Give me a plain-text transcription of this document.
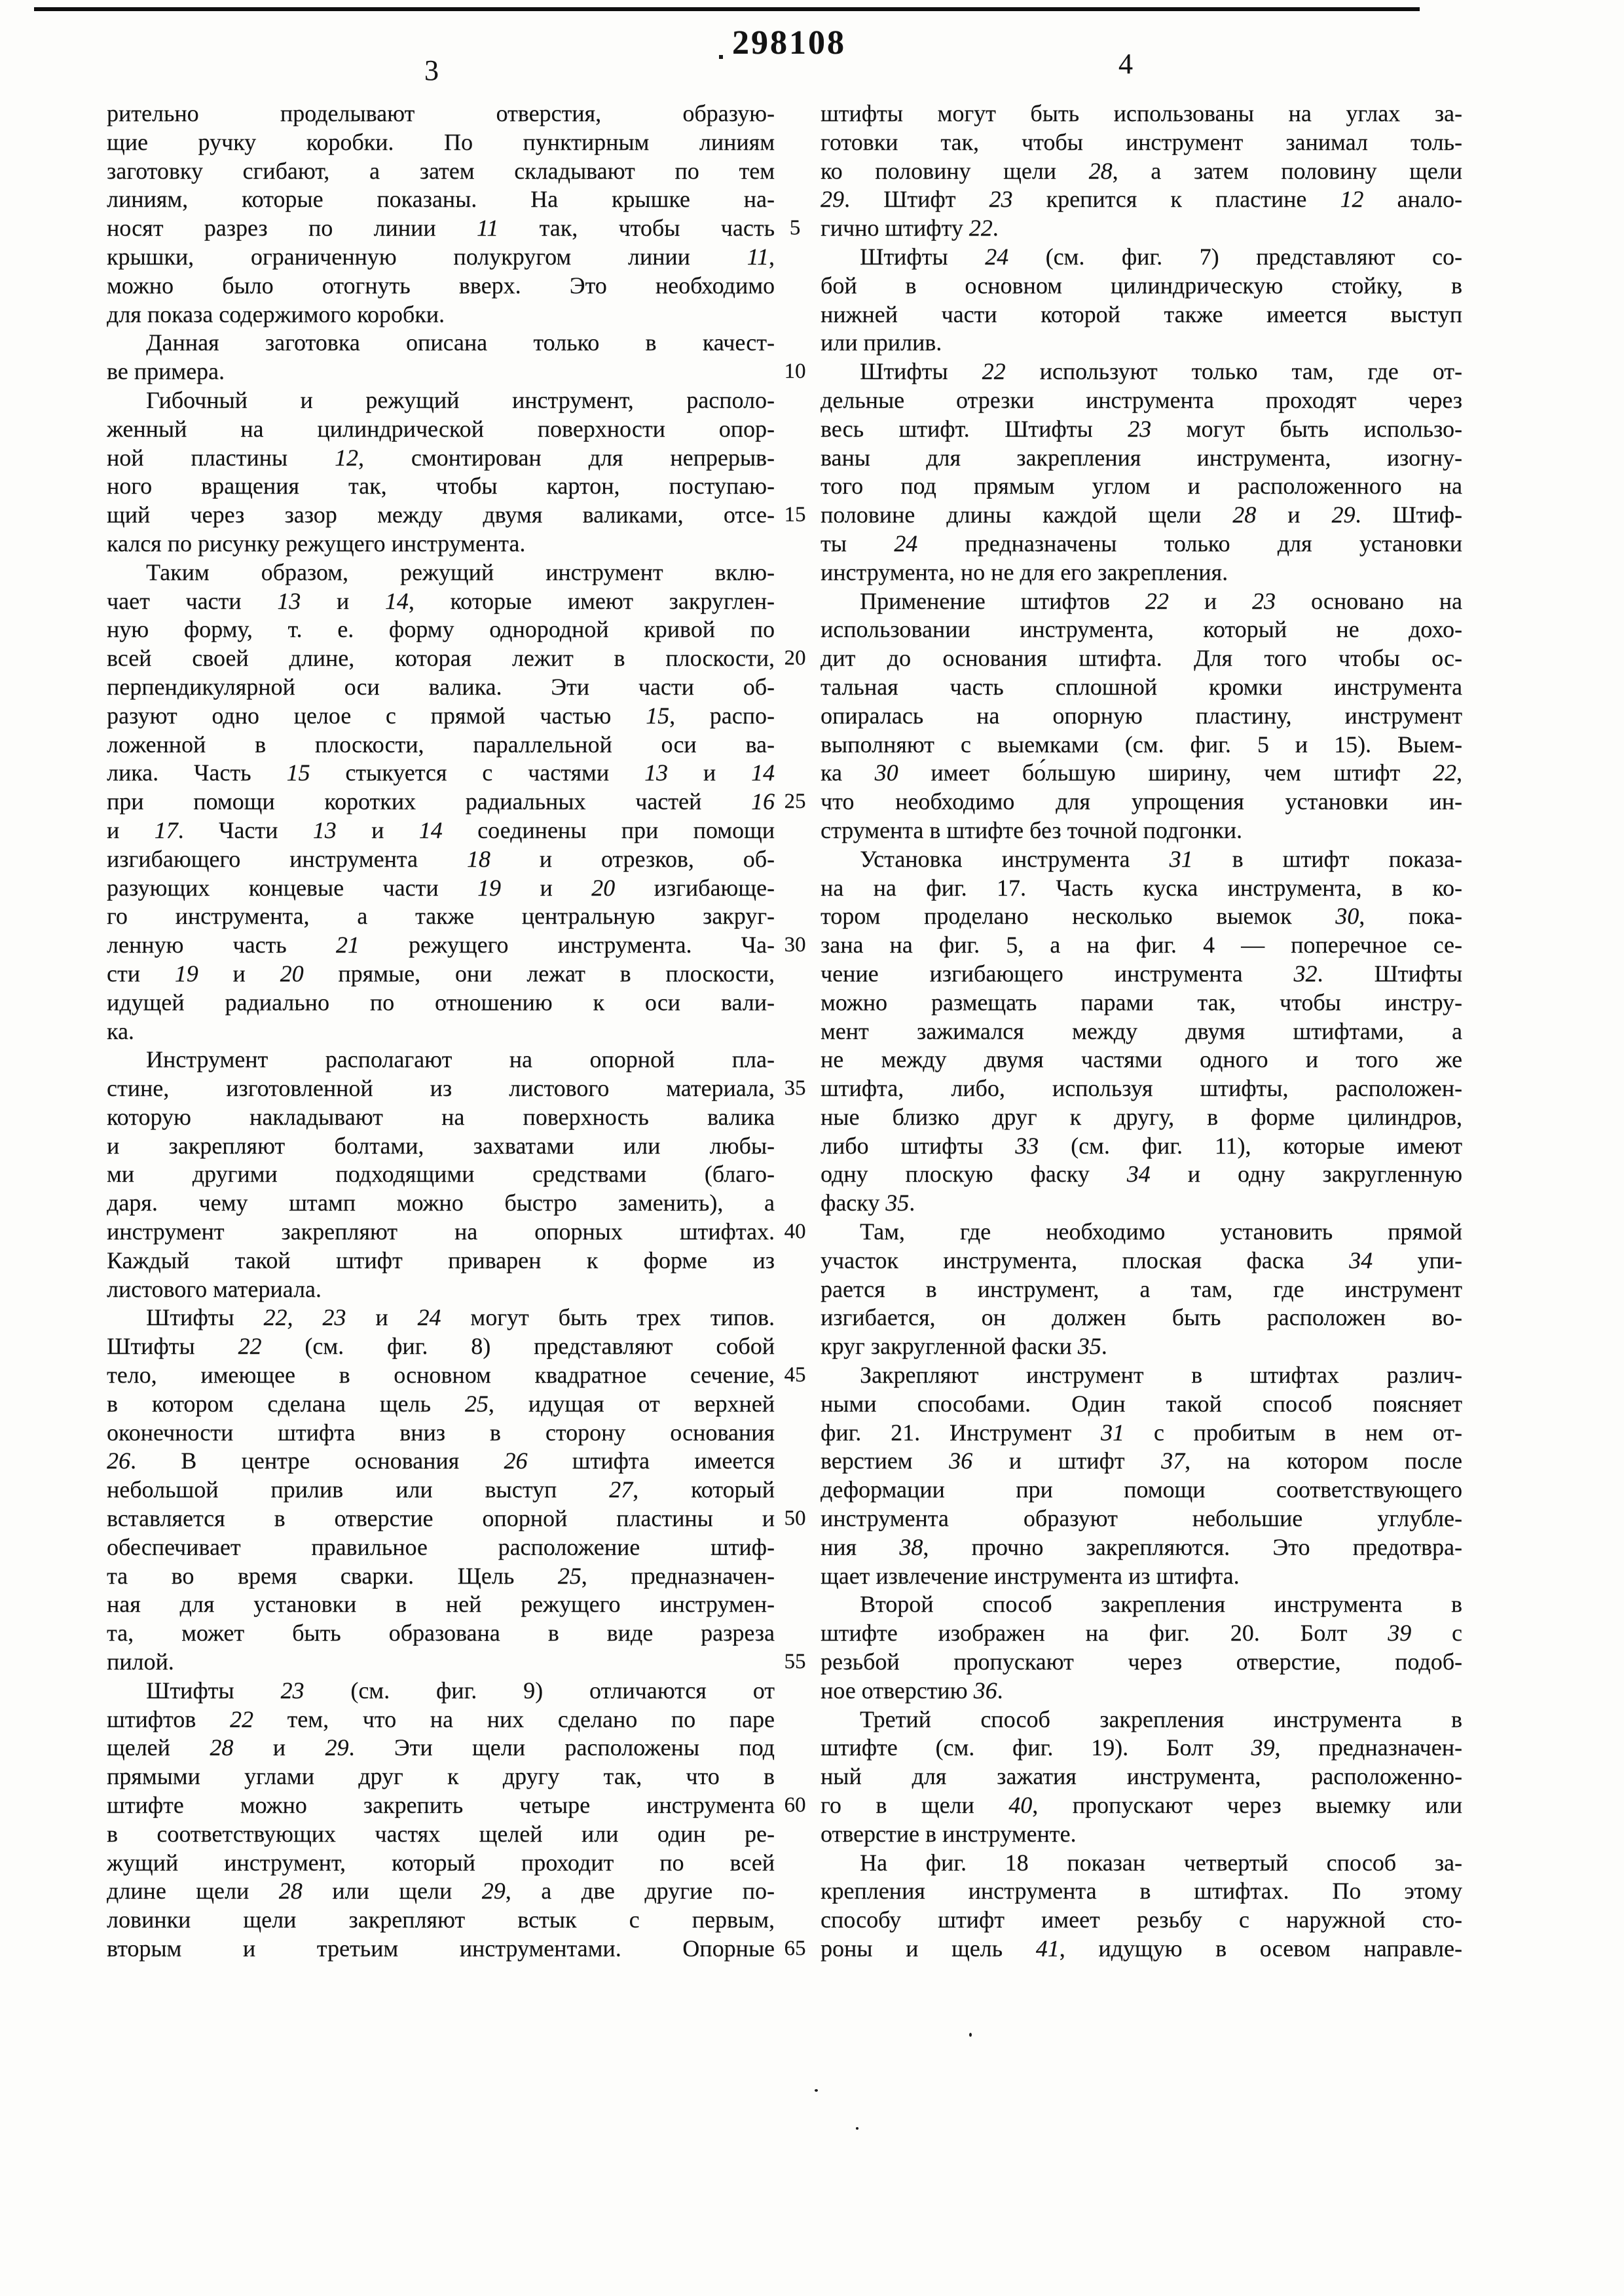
298108
3	4
рительно проделывают отверстия, образую-
щие ручку коробки. По пунктирным линиям
заготовку сгибают, а затем складывают по тем
линиям, которые показаны. На крышке на-
носят разрез по линии 11 так, чтобы часть
крышки, ограниченную полукругом линии 11,
можно было отогнуть вверх. Это необходимо
для показа содержимого коробки.
Данная заготовка описана только в качест-
ве примера.
Гибочный и режущий инструмент, располо-
женный на цилиндрической поверхности опор-
ной пластины 12, смонтирован для непрерыв-
ного вращения так, чтобы картон, поступаю-
щий через зазор между двумя валиками, отсе-
кался по рисунку режущего инструмента.
Таким образом, режущий инструмент вклю-
чает части 13 и 14, которые имеют закруглен-
ную форму, т. е. форму однородной кривой по
всей своей длине, которая лежит в плоскости,
перпендикулярной оси валика. Эти части об-
разуют одно целое с прямой частью 15, распо-
ложенной в плоскости, параллельной оси ва-
лика. Часть 15 стыкуется с частями 13 и 14
при помощи коротких радиальных частей 16
и 17. Части 13 и 14 соединены при помощи
изгибающего инструмента 18 и отрезков, об-
разующих концевые части 19 и 20 изгибающе-
го инструмента, а также центральную закруг-
ленную часть 21 режущего инструмента. Ча-
сти 19 и 20 прямые, они лежат в плоскости,
идущей радиально по отношению к оси вали-
ка.
Инструмент располагают на опорной пла-
стине, изготовленной из листового материала,
которую накладывают на поверхность валика
и закрепляют болтами, захватами или любы-
ми другими подходящими средствами (благо-
даря. чему штамп можно быстро заменить), а
инструмент закрепляют на опорных штифтах.
Каждый такой штифт приварен к форме из
листового материала.
Штифты 22, 23 и 24 могут быть трех типов.
Штифты 22 (см. фиг. 8) представляют собой
тело, имеющее в основном квадратное сечение,
в котором сделана щель 25, идущая от верхней
оконечности штифта вниз в сторону основания
26. В центре основания 26 штифта имеется
небольшой прилив или выступ 27, который
вставляется в отверстие опорной пластины и
обеспечивает правильное расположение штиф-
та во время сварки. Щель 25, предназначен-
ная для установки в ней режущего инструмен-
та, может быть образована в виде разреза
пилой.
Штифты 23 (см. фиг. 9) отличаются от
штифтов 22 тем, что на них сделано по паре
щелей 28 и 29. Эти щели расположены под
прямыми углами друг к другу так, что в
штифте можно закрепить четыре инструмента
в соответствующих частях щелей или один ре-
жущий инструмент, который проходит по всей
длине щели 28 или щели 29, а две другие по-
ловинки щели закрепляют встык с первым,
вторым и третьим инструментами. Опорные
5
10
15
20
25
30
35
40
45
50
55
60
65
штифты могут быть использованы на углах за-
готовки так, чтобы инструмент занимал толь-
ко половину щели 28, а затем половину щели
29. Штифт 23 крепится к пластине 12 анало-
гично штифту 22.
Штифты 24 (см. фиг. 7) представляют со-
бой в основном цилиндрическую стойку, в
нижней части которой также имеется выступ
или прилив.
Штифты 22 используют только там, где от-
дельные отрезки инструмента проходят через
весь штифт. Штифты 23 могут быть использо-
ваны для закрепления инструмента, изогну-
того под прямым углом и расположенного на
половине длины каждой щели 28 и 29. Штиф-
ты 24 предназначены только для установки
инструмента, но не для его закрепления.
Применение штифтов 22 и 23 основано на
использовании инструмента, который не дохо-
дит до основания штифта. Для того чтобы ос-
тальная часть сплошной кромки инструмента
опиралась на опорную пластину, инструмент
выполняют с выемками (см. фиг. 5 и 15). Выем-
ка 30 имеет бо́льшую ширину, чем штифт 22,
что необходимо для упрощения установки ин-
струмента в штифте без точной подгонки.
Установка инструмента 31 в штифт показа-
на на фиг. 17. Часть куска инструмента, в ко-
тором проделано несколько выемок 30, пока-
зана на фиг. 5, а на фиг. 4 — поперечное се-
чение изгибающего инструмента 32. Штифты
можно размещать парами так, чтобы инстру-
мент зажимался между двумя штифтами, а
не между двумя частями одного и того же
штифта, либо, используя штифты, расположен-
ные близко друг к другу, в форме цилиндров,
либо штифты 33 (см. фиг. 11), которые имеют
одну плоскую фаску 34 и одну закругленную
фаску 35.
Там, где необходимо установить прямой
участок инструмента, плоская фаска 34 упи-
рается в инструмент, а там, где инструмент
изгибается, он должен быть расположен во-
круг закругленной фаски 35.
Закрепляют инструмент в штифтах различ-
ными способами. Один такой способ поясняет
фиг. 21. Инструмент 31 с пробитым в нем от-
верстием 36 и штифт 37, на котором после
деформации при помощи соответствующего
инструмента образуют небольшие углубле-
ния 38, прочно закрепляются. Это предотвра-
щает извлечение инструмента из штифта.
Второй способ закрепления инструмента в
штифте изображен на фиг. 20. Болт 39 с
резьбой пропускают через отверстие, подоб-
ное отверстию 36.
Третий способ закрепления инструмента в
штифте (см. фиг. 19). Болт 39, предназначен-
ный для зажатия инструмента, расположенно-
го в щели 40, пропускают через выемку или
отверстие в инструменте.
На фиг. 18 показан четвертый способ за-
крепления инструмента в штифтах. По этому
способу штифт имеет резьбу с наружной сто-
роны и щель 41, идущую в осевом направле-
